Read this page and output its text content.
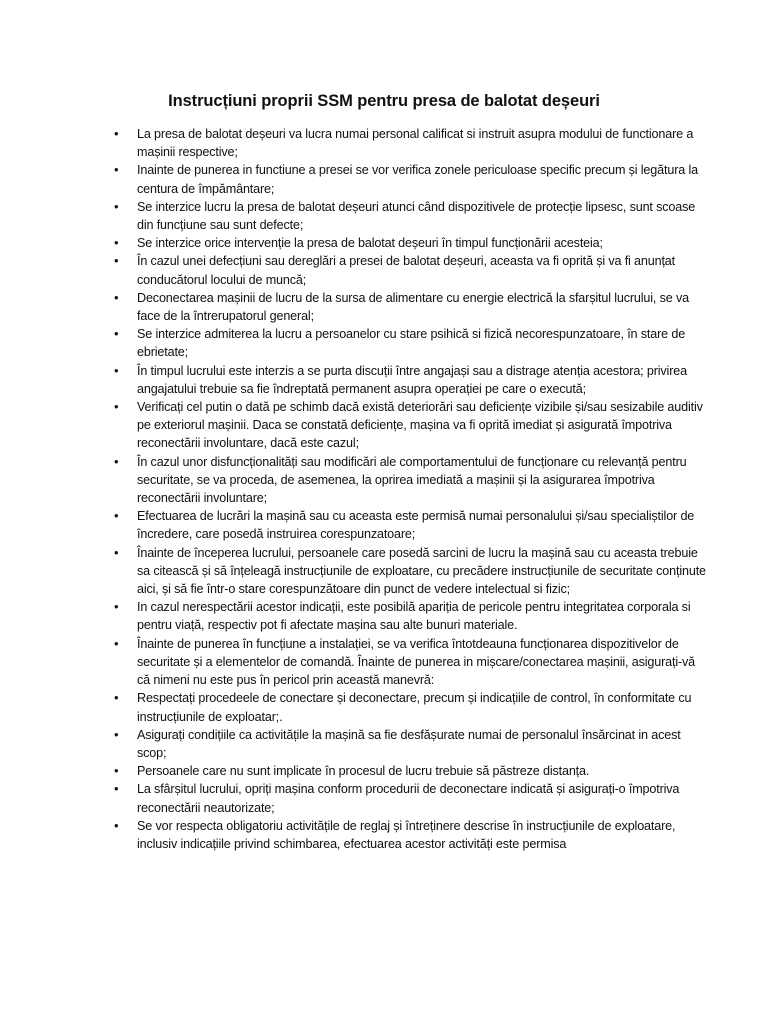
Instrucțiuni proprii SSM pentru presa de balotat deșeuri
• La presa de balotat deșeuri va lucra numai personal calificat si instruit asupra modului de functionare a mașinii respective;
• Inainte de punerea in functiune a presei se vor verifica zonele periculoase specific precum și legătura la centura de împământare;
• Se interzice lucru la presa de balotat deșeuri atunci când dispozitivele de protecție lipsesc, sunt scoase din funcțiune sau sunt defecte;
• Se interzice orice intervenție la presa de balotat deșeuri în timpul funcționării acesteia;
• În cazul unei defecțiuni sau dereglări a presei de balotat deșeuri, aceasta va fi oprită și va fi anunțat conducătorul locului de muncă;
• Deconectarea mașinii de lucru de la sursa de alimentare cu energie electrică la sfarșitul lucrului, se va face de la întrerupatorul general;
• Se interzice admiterea la lucru a persoanelor cu stare psihică si fizică necorespunzatoare, în stare de ebrietate;
• În timpul lucrului este interzis a se purta discuții între angajași sau a distrage atenția acestora; privirea angajatului trebuie sa fie îndreptată permanent asupra operației pe care o execută;
• Verificați cel putin o dată pe schimb dacă există deteriorări sau deficiențe vizibile și/sau sesizabile auditiv pe exteriorul mașinii. Daca se constată deficiențe, mașina va fi oprită imediat și asigurată împotriva reconectării involuntare, dacă este cazul;
• În cazul unor disfuncționalități sau modificări ale comportamentului de funcționare cu relevanță pentru securitate, se va proceda, de asemenea, la oprirea imediată a mașinii și la asigurarea împotriva reconectării involuntare;
• Efectuarea de lucrări la mașină sau cu aceasta este permisă numai personalului și/sau specialiștilor de încredere, care posedă instruirea corespunzatoare;
• Înainte de începerea lucrului, persoanele care posedă sarcini de lucru la mașină sau cu aceasta trebuie sa citească și să înțeleagă instrucțiunile de exploatare, cu precădere instrucțiunile de securitate conținute aici, și să fie într-o stare corespunzătoare din punct de vedere intelectual si fizic;
• In cazul nerespectării acestor indicații, este posibilă apariția de pericole pentru integritatea corporala si pentru viață, respectiv pot fi afectate mașina sau alte bunuri materiale.
• Înainte de punerea în funcțiune a instalației, se va verifica întotdeauna funcționarea dispozitivelor de securitate și a elementelor de comandă. Înainte de punerea in mișcare/conectarea mașinii, asigurați-vă că nimeni nu este pus în pericol prin această manevră:
• Respectați procedeele de conectare și deconectare, precum și indicațiile de control, în conformitate cu instrucțiunile de exploatar;.
• Asigurați condițiile ca activitățile la mașină sa fie desfășurate numai de personalul însărcinat in acest scop;
• Persoanele care nu sunt implicate în procesul de lucru trebuie să păstreze distanța.
• La sfârșitul lucrului, opriți mașina conform procedurii de deconectare indicată și asigurați-o împotriva reconectării neautorizate;
• Se vor respecta obligatoriu activitățile de reglaj și întreținere descrise în instrucțiunile de exploatare, inclusiv indicațiile privind schimbarea, efectuarea acestor activități este permisa
